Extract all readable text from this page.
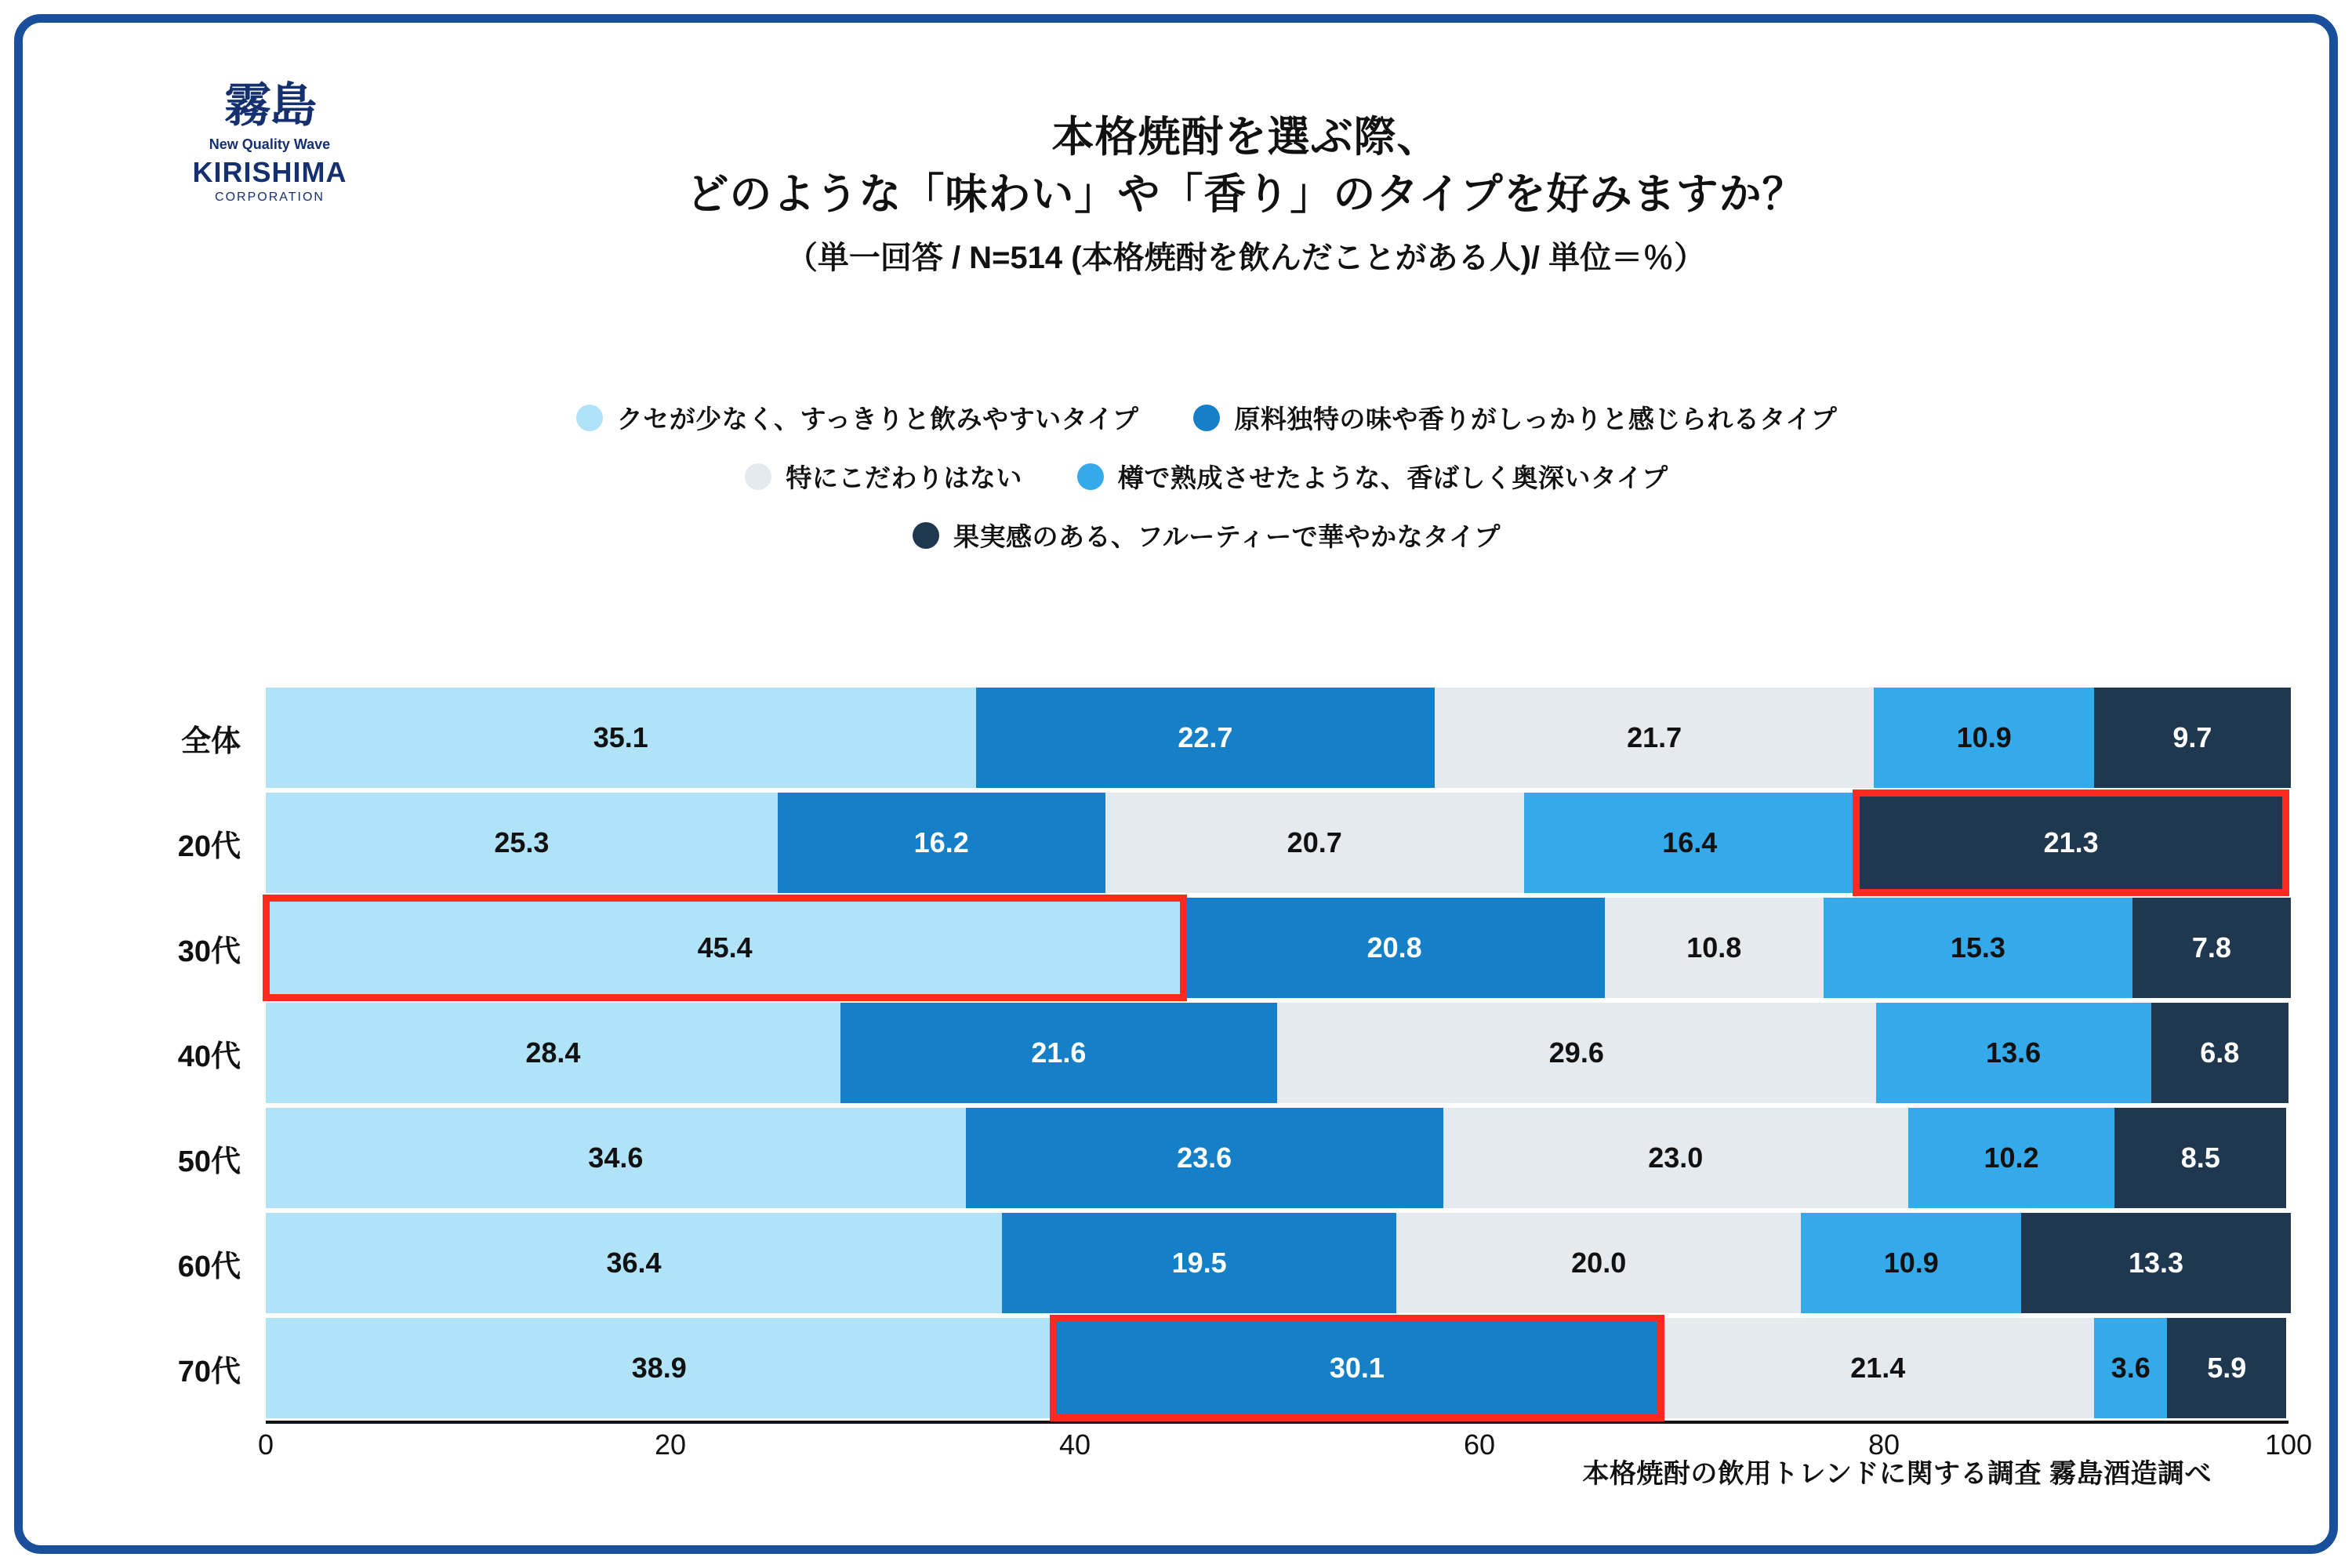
霧島
New Quality Wave
KIRISHIMA
CORPORATION
本格焼酎を選ぶ際、
どのような「味わい」や「香り」のタイプを好みますか？
（単一回答 / N=514 (本格焼酎を飲んだことがある人)/ 単位＝％）
クセが少なく、すっきりと飲みやすいタイプ	原料独特の味や香りがしっかりと感じられるタイプ
特にこだわりはない	樽で熟成させたような、香ばしく奥深いタイプ
果実感のある、フルーティーで華やかなタイプ
全体	35.1	22.7	21.7	10.9	9.7
20代	25.3	16.2	20.7	16.4	21.3
30代	45.4	20.8	10.8	15.3	7.8
40代	28.4	21.6	29.6	13.6	6.8
50代	34.6	23.6	23.0	10.2	8.5
60代	36.4	19.5	20.0	10.9	13.3
70代	38.9	30.1	21.4	3.6 5.9
0	20	40	60	80	100
本格焼酎の飲用トレンドに関する調査 霧島酒造調べ
